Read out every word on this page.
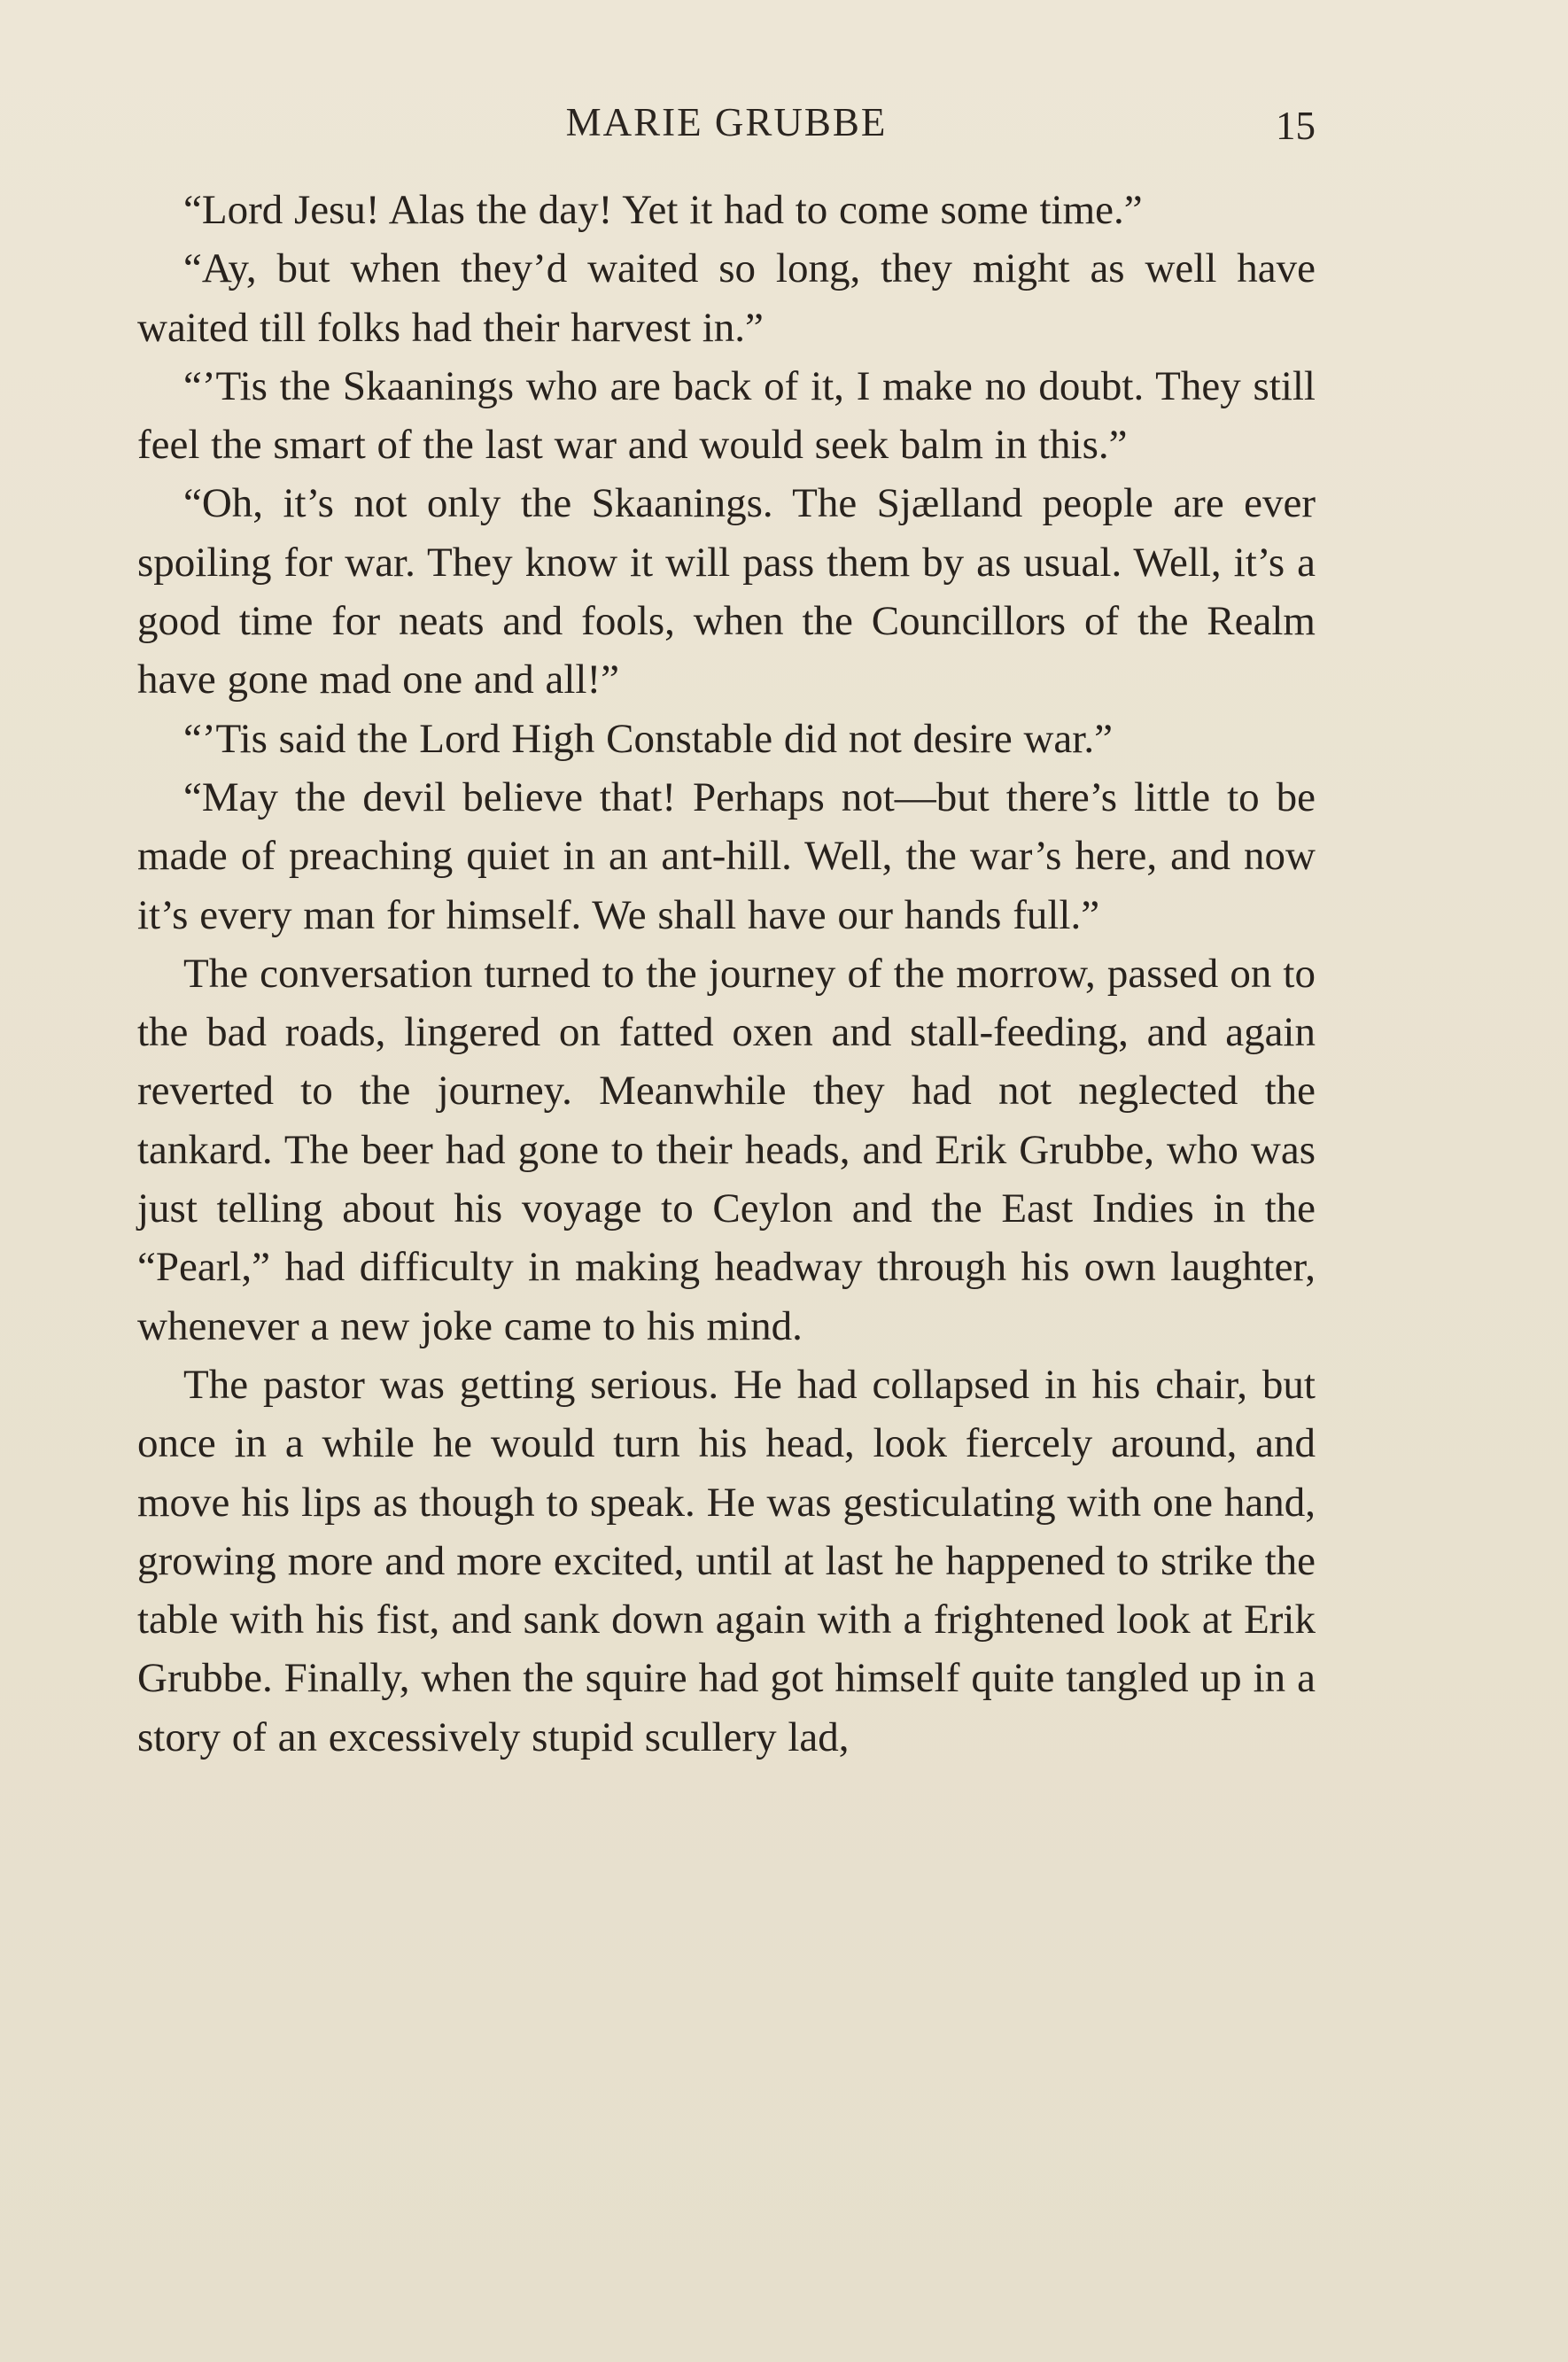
MARIE GRUBBE	15

“Lord Jesu! Alas the day! Yet it had to come some time.”

“Ay, but when they’d waited so long, they might as well have waited till folks had their harvest in.”

“’Tis the Skaanings who are back of it, I make no doubt. They still feel the smart of the last war and would seek balm in this.”

“Oh, it’s not only the Skaanings. The Sjælland people are ever spoiling for war. They know it will pass them by as usual. Well, it’s a good time for neats and fools, when the Councillors of the Realm have gone mad one and all!”

“’Tis said the Lord High Constable did not desire war.”

“May the devil believe that! Perhaps not—but there’s little to be made of preaching quiet in an ant-hill. Well, the war’s here, and now it’s every man for himself. We shall have our hands full.”

The conversation turned to the journey of the morrow, passed on to the bad roads, lingered on fatted oxen and stall-feeding, and again reverted to the journey. Meanwhile they had not neglected the tankard. The beer had gone to their heads, and Erik Grubbe, who was just telling about his voyage to Ceylon and the East Indies in the “Pearl,” had difficulty in making headway through his own laughter, whenever a new joke came to his mind.

The pastor was getting serious. He had collapsed in his chair, but once in a while he would turn his head, look fiercely around, and move his lips as though to speak. He was gesticulating with one hand, growing more and more excited, until at last he happened to strike the table with his fist, and sank down again with a frightened look at Erik Grubbe. Finally, when the squire had got himself quite tangled up in a story of an excessively stupid scullery lad,
